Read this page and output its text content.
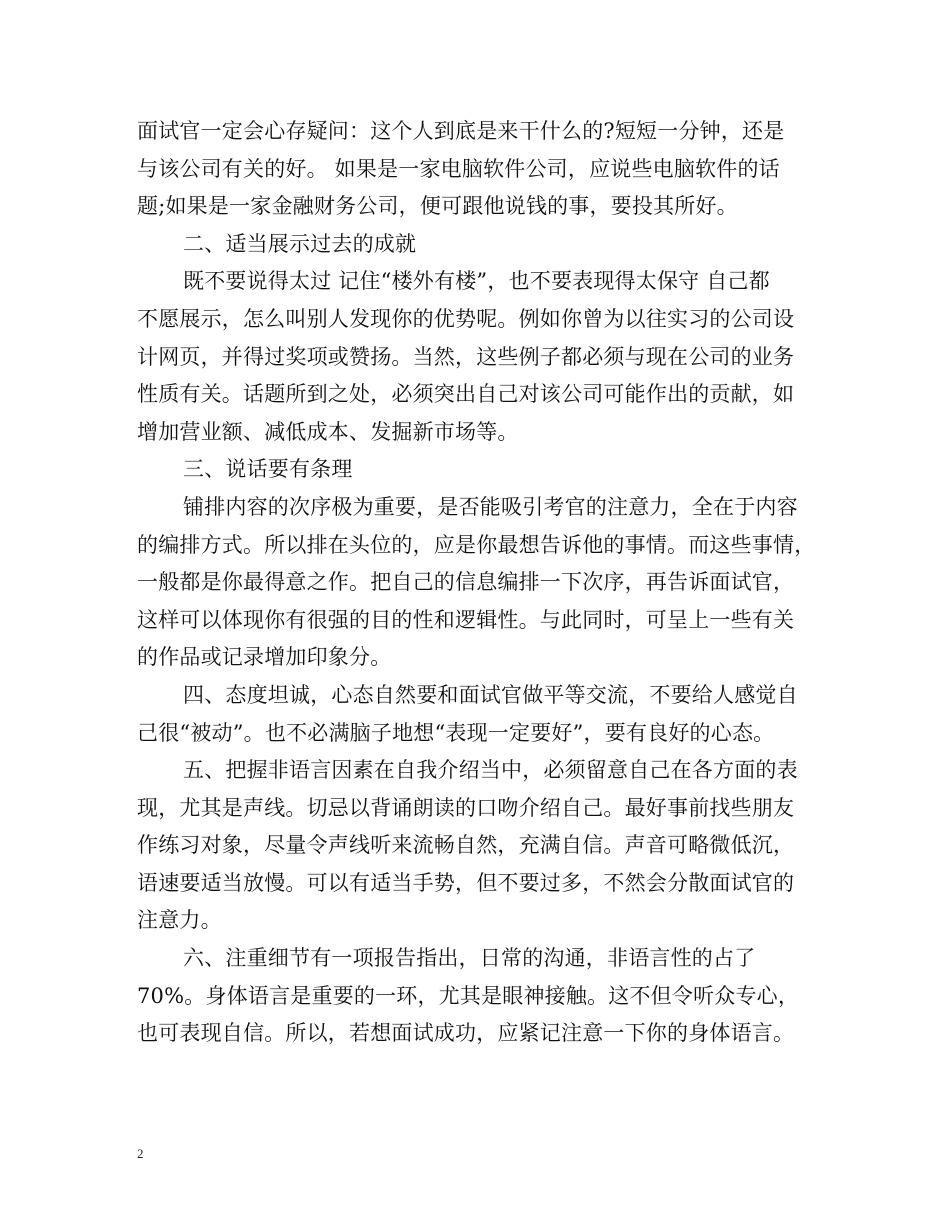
面试官一定会心存疑问：这个人到底是来干什么的?短短一分钟，还是
与该公司有关的好。 如果是一家电脑软件公司，应说些电脑软件的话
题;如果是一家金融财务公司，便可跟他说钱的事，要投其所好。
二、适当展示过去的成就
既不要说得太过 记住“楼外有楼”，也不要表现得太保守 自己都
不愿展示，怎么叫别人发现你的优势呢。例如你曾为以往实习的公司设
计网页，并得过奖项或赞扬。当然，这些例子都必须与现在公司的业务
性质有关。话题所到之处，必须突出自己对该公司可能作出的贡献，如
增加营业额、减低成本、发掘新市场等。
三、说话要有条理
铺排内容的次序极为重要，是否能吸引考官的注意力，全在于内容
的编排方式。所以排在头位的，应是你最想告诉他的事情。而这些事情，
一般都是你最得意之作。把自己的信息编排一下次序，再告诉面试官，
这样可以体现你有很强的目的性和逻辑性。与此同时，可呈上一些有关
的作品或记录增加印象分。
四、态度坦诚，心态自然要和面试官做平等交流，不要给人感觉自
己很“被动”。也不必满脑子地想“表现一定要好”，要有良好的心态。
五、把握非语言因素在自我介绍当中，必须留意自己在各方面的表
现，尤其是声线。切忌以背诵朗读的口吻介绍自己。最好事前找些朋友
作练习对象，尽量令声线听来流畅自然，充满自信。声音可略微低沉，
语速要适当放慢。可以有适当手势，但不要过多，不然会分散面试官的
注意力。
六、注重细节有一项报告指出，日常的沟通，非语言性的占了
70%。身体语言是重要的一环，尤其是眼神接触。这不但令听众专心，
也可表现自信。所以，若想面试成功，应紧记注意一下你的身体语言。
2
